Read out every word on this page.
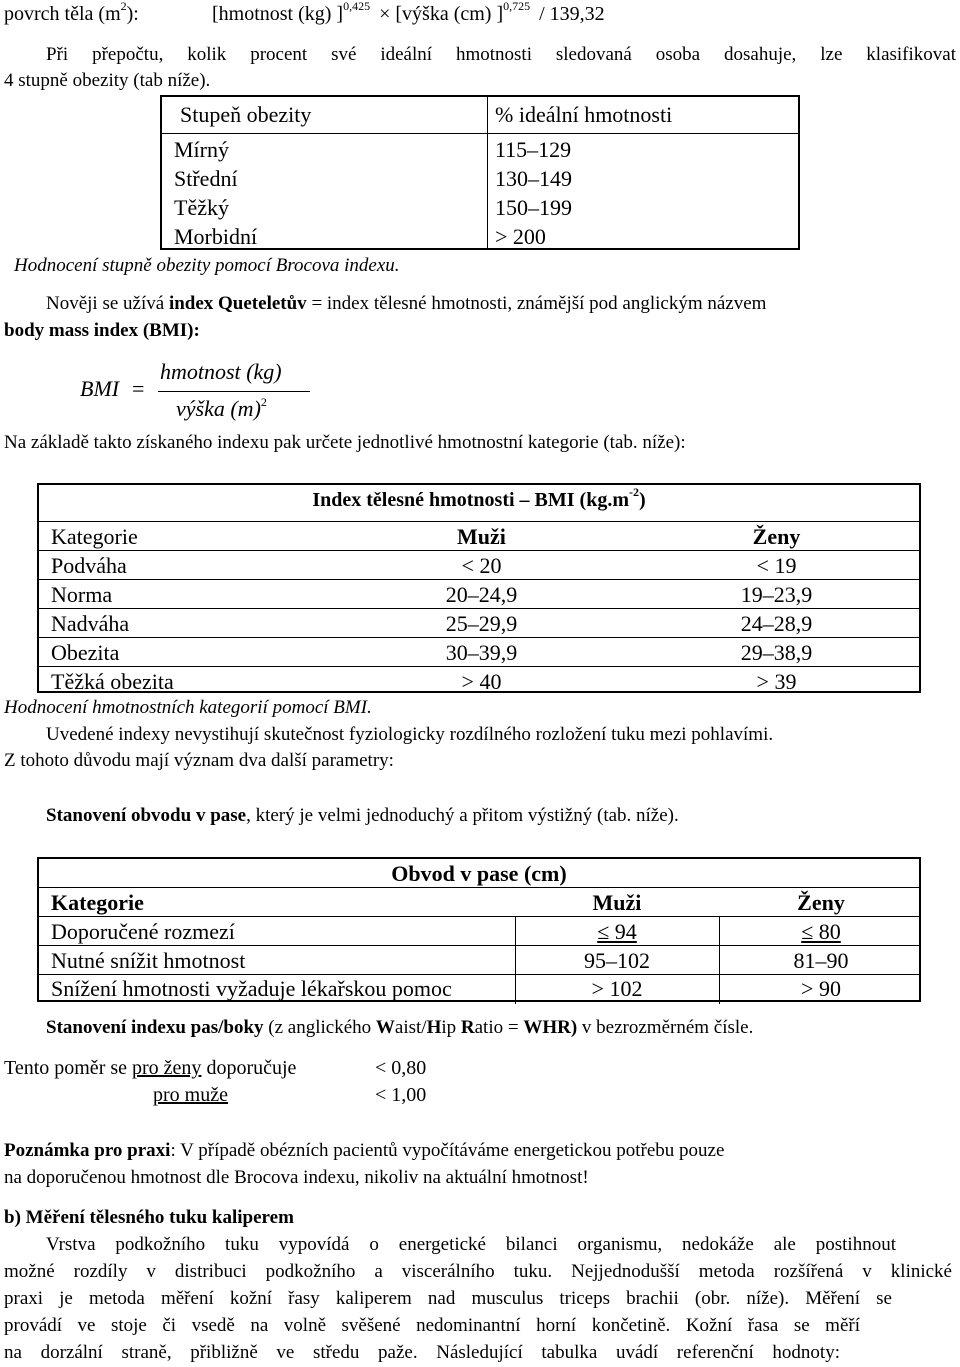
povrch těla $(m^2)$:	[hmotnost (kg) ]$^{0,425}$ × [výška (cm) ]$^{0,725}$ / 139,32
Při přepočtu, kolik procent své ideální hmotnosti sledovaná osoba dosahuje, lze klasifikovat
4 stupně obezity (tab níže).
Stupeň obezity	% ideální hmotnosti
Mírný	115–129
Střední	130–149
Těžký	150–199
Morbidní	> 200
Hodnocení stupně obezity pomocí Brocova indexu.
Nověji se užívá index Queteletův = index tělesné hmotnosti, známější pod anglickým názvem
body mass index (BMI):
BMI =
hmotnost (kg)
výška $(m)^2$
Na základě takto získaného indexu pak určete jednotlivé hmotnostní kategorie (tab. níže):
Index tělesné hmotnosti – BMI $(kg.m^{-2})$
Kategorie	Muži	Ženy
Podváha	< 20	< 19
Norma	20–24,9	19–23,9
Nadváha	25–29,9	24–28,9
Obezita	30–39,9	29–38,9
Těžká obezita	> 40	> 39
Hodnocení hmotnostních kategorií pomocí BMI.
Uvedené indexy nevystihují skutečnost fyziologicky rozdílného rozložení tuku mezi pohlavími.
Z tohoto důvodu mají význam dva další parametry:
Stanovení obvodu v pase, který je velmi jednoduchý a přitom výstižný (tab. níže).
Obvod v pase (cm)
Kategorie	Muži	Ženy
Doporučené rozmezí	≤ 94	≤ 80
Nutné snížit hmotnost	95–102	81–90
Snížení hmotnosti vyžaduje lékařskou pomoc	> 102	> 90
Stanovení indexu pas/boky (z anglického Waist/Hip Ratio = WHR) v bezrozměrném čísle.
Tento poměr se pro ženy doporučuje	< 0,80
pro muže	< 1,00
Poznámka pro praxi: V případě obézních pacientů vypočítáváme energetickou potřebu pouze
na doporučenou hmotnost dle Brocova indexu, nikoliv na aktuální hmotnost!
b) Měření tělesného tuku kaliperem
Vrstva podkožního tuku vypovídá o energetické bilanci organismu, nedokáže ale postihnout
možné rozdíly v distribuci podkožního a viscerálního tuku. Nejjednodušší metoda rozšířená v klinické
praxi je metoda měření kožní řasy kaliperem nad musculus triceps brachii (obr. níže). Měření se
provádí ve stoje či vsedě na volně svěšené nedominantní horní končetině. Kožní řasa se měří
na dorzální straně, přibližně ve středu paže. Následující tabulka uvádí referenční hodnoty:
